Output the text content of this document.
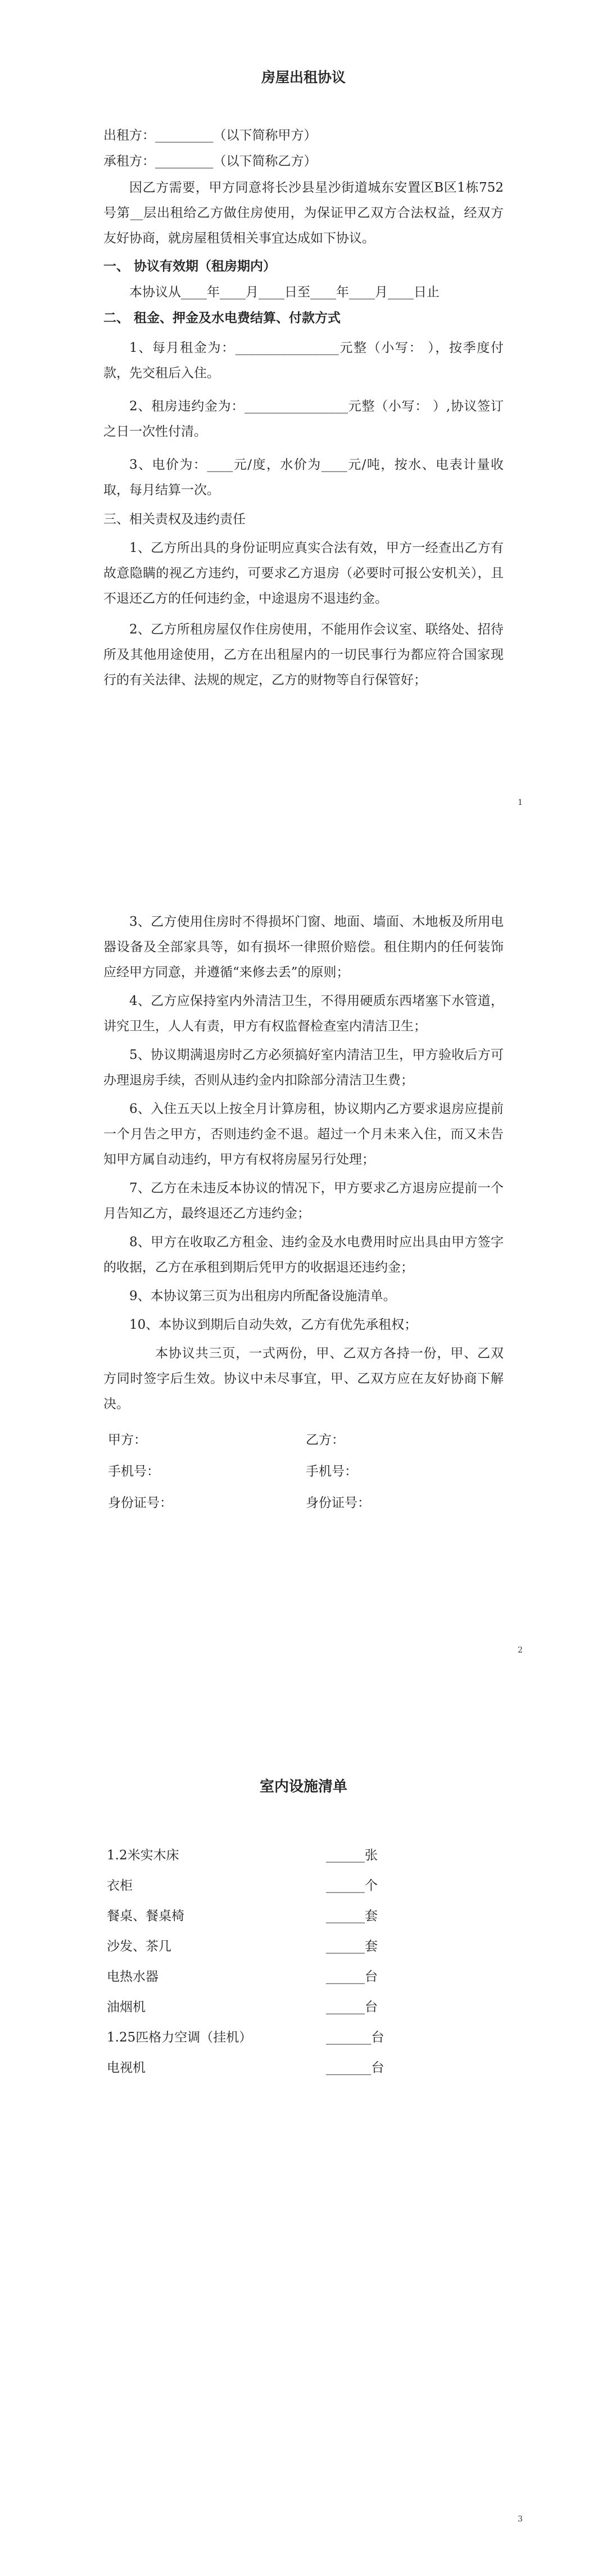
房屋出租协议

出租方：_________（以下简称甲方）

承租方：_________（以下简称乙方）

因乙方需要，甲方同意将长沙县星沙街道城东安置区B区1栋752号第__层出租给乙方做住房使用，为保证甲乙双方合法权益，经双方友好协商，就房屋租赁相关事宜达成如下协议。

一、 协议有效期（租房期内）

本协议从____年____月____日至____年____月____日止

二、 租金、押金及水电费结算、付款方式

1、每月租金为：________________元整（小写： ），按季度付款，先交租后入住。

2、租房违约金为：________________元整（小写： ）,协议签订之日一次性付清。

3、电价为：____元/度，水价为____元/吨，按水、电表计量收取，每月结算一次。

三、相关责权及违约责任

1、乙方所出具的身份证明应真实合法有效，甲方一经查出乙方有故意隐瞒的视乙方违约，可要求乙方退房（必要时可报公安机关），且不退还乙方的任何违约金，中途退房不退违约金。

2、乙方所租房屋仅作住房使用，不能用作会议室、联络处、招待所及其他用途使用，乙方在出租屋内的一切民事行为都应符合国家现行的有关法律、法规的规定，乙方的财物等自行保管好；

1

3、乙方使用住房时不得损坏门窗、地面、墙面、木地板及所用电器设备及全部家具等，如有损坏一律照价赔偿。租住期内的任何装饰应经甲方同意，并遵循“来修去丢”的原则；

4、乙方应保持室内外清洁卫生，不得用硬质东西堵塞下水管道，讲究卫生，人人有责，甲方有权监督检查室内清洁卫生；

5、协议期满退房时乙方必须搞好室内清洁卫生，甲方验收后方可办理退房手续，否则从违约金内扣除部分清洁卫生费；

6、入住五天以上按全月计算房租，协议期内乙方要求退房应提前一个月告之甲方，否则违约金不退。超过一个月未来入住，而又未告知甲方属自动违约，甲方有权将房屋另行处理；

7、乙方在未违反本协议的情况下，甲方要求乙方退房应提前一个月告知乙方，最终退还乙方违约金；

8、甲方在收取乙方租金、违约金及水电费用时应出具由甲方签字的收据，乙方在承租到期后凭甲方的收据退还违约金；

9、本协议第三页为出租房内所配备设施清单。

10、本协议到期后自动失效，乙方有优先承租权；

本协议共三页，一式两份，甲、乙双方各持一份，甲、乙双方同时签字后生效。协议中未尽事宜，甲、乙双方应在友好协商下解决。

甲方：	乙方：
手机号：	手机号：
身份证号：	身份证号：
2
室内设施清单
1.2米实木床	______张
衣柜	______个
餐桌、餐桌椅	______套
沙发、茶几	______套
电热水器	______台
油烟机	______台
1.25匹格力空调（挂机）	_______台
电视机	_______台
3
